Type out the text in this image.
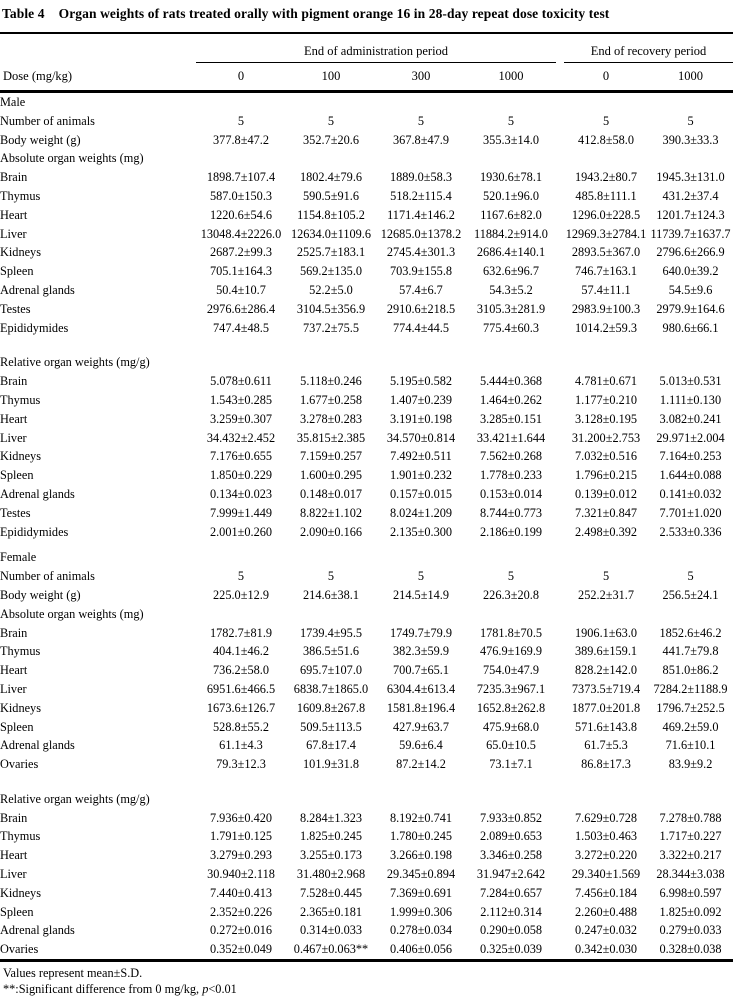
Table 4 Organ weights of rats treated orally with pigment orange 16 in 28-day repeat dose toxicity test
	End of administration period					End of recovery period	
Dose (mg/kg)	0	100	300	1000		0	1000
Male							
Number of animals	5	5	5	5		5	5
Body weight (g)	377.8±47.2	352.7±20.6	367.8±47.9	355.3±14.0		412.8±58.0	390.3±33.3
Absolute organ weights (mg)							
Brain	1898.7±107.4	1802.4±79.6	1889.0±58.3	1930.6±78.1		1943.2±80.7	1945.3±131.0
Thymus	587.0±150.3	590.5±91.6	518.2±115.4	520.1±96.0		485.8±111.1	431.2±37.4
Heart	1220.6±54.6	1154.8±105.2	1171.4±146.2	1167.6±82.0		1296.0±228.5	1201.7±124.3
Liver	13048.4±2226.0	12634.0±1109.6	12685.0±1378.2	11884.2±914.0		12969.3±2784.1	11739.7±1637.7
Kidneys	2687.2±99.3	2525.7±183.1	2745.4±301.3	2686.4±140.1		2893.5±367.0	2796.6±266.9
Spleen	705.1±164.3	569.2±135.0	703.9±155.8	632.6±96.7		746.7±163.1	640.0±39.2
Adrenal glands	50.4±10.7	52.2±5.0	57.4±6.7	54.3±5.2		57.4±11.1	54.5±9.6
Testes	2976.6±286.4	3104.5±356.9	2910.6±218.5	3105.3±281.9		2983.9±100.3	2979.9±164.6
Epididymides	747.4±48.5	737.2±75.5	774.4±44.5	775.4±60.3		1014.2±59.3	980.6±66.1

Relative organ weights (mg/g)							
Brain	5.078±0.611	5.118±0.246	5.195±0.582	5.444±0.368		4.781±0.671	5.013±0.531
Thymus	1.543±0.285	1.677±0.258	1.407±0.239	1.464±0.262		1.177±0.210	1.111±0.130
Heart	3.259±0.307	3.278±0.283	3.191±0.198	3.285±0.151		3.128±0.195	3.082±0.241
Liver	34.432±2.452	35.815±2.385	34.570±0.814	33.421±1.644		31.200±2.753	29.971±2.004
Kidneys	7.176±0.655	7.159±0.257	7.492±0.511	7.562±0.268		7.032±0.516	7.164±0.253
Spleen	1.850±0.229	1.600±0.295	1.901±0.232	1.778±0.233		1.796±0.215	1.644±0.088
Adrenal glands	0.134±0.023	0.148±0.017	0.157±0.015	0.153±0.014		0.139±0.012	0.141±0.032
Testes	7.999±1.449	8.822±1.102	8.024±1.209	8.744±0.773		7.321±0.847	7.701±1.020
Epididymides	2.001±0.260	2.090±0.166	2.135±0.300	2.186±0.199		2.498±0.392	2.533±0.336

Female							
Number of animals	5	5	5	5		5	5
Body weight (g)	225.0±12.9	214.6±38.1	214.5±14.9	226.3±20.8		252.2±31.7	256.5±24.1
Absolute organ weights (mg)							
Brain	1782.7±81.9	1739.4±95.5	1749.7±79.9	1781.8±70.5		1906.1±63.0	1852.6±46.2
Thymus	404.1±46.2	386.5±51.6	382.3±59.9	476.9±169.9		389.6±159.1	441.7±79.8
Heart	736.2±58.0	695.7±107.0	700.7±65.1	754.0±47.9		828.2±142.0	851.0±86.2
Liver	6951.6±466.5	6838.7±1865.0	6304.4±613.4	7235.3±967.1		7373.5±719.4	7284.2±1188.9
Kidneys	1673.6±126.7	1609.8±267.8	1581.8±196.4	1652.8±262.8		1877.0±201.8	1796.7±252.5
Spleen	528.8±55.2	509.5±113.5	427.9±63.7	475.9±68.0		571.6±143.8	469.2±59.0
Adrenal glands	61.1±4.3	67.8±17.4	59.6±6.4	65.0±10.5		61.7±5.3	71.6±10.1
Ovaries	79.3±12.3	101.9±31.8	87.2±14.2	73.1±7.1		86.8±17.3	83.9±9.2

Relative organ weights (mg/g)							
Brain	7.936±0.420	8.284±1.323	8.192±0.741	7.933±0.852		7.629±0.728	7.278±0.788
Thymus	1.791±0.125	1.825±0.245	1.780±0.245	2.089±0.653		1.503±0.463	1.717±0.227
Heart	3.279±0.293	3.255±0.173	3.266±0.198	3.346±0.258		3.272±0.220	3.322±0.217
Liver	30.940±2.118	31.480±2.968	29.345±0.894	31.947±2.642		29.340±1.569	28.344±3.038
Kidneys	7.440±0.413	7.528±0.445	7.369±0.691	7.284±0.657		7.456±0.184	6.998±0.597
Spleen	2.352±0.226	2.365±0.181	1.999±0.306	2.112±0.314		2.260±0.488	1.825±0.092
Adrenal glands	0.272±0.016	0.314±0.033	0.278±0.034	0.290±0.058		0.247±0.032	0.279±0.033
Ovaries	0.352±0.049	0.467±0.063**	0.406±0.056	0.325±0.039		0.342±0.030	0.328±0.038
Values represent mean±S.D.
**:Significant difference from 0 mg/kg, p<0.01
